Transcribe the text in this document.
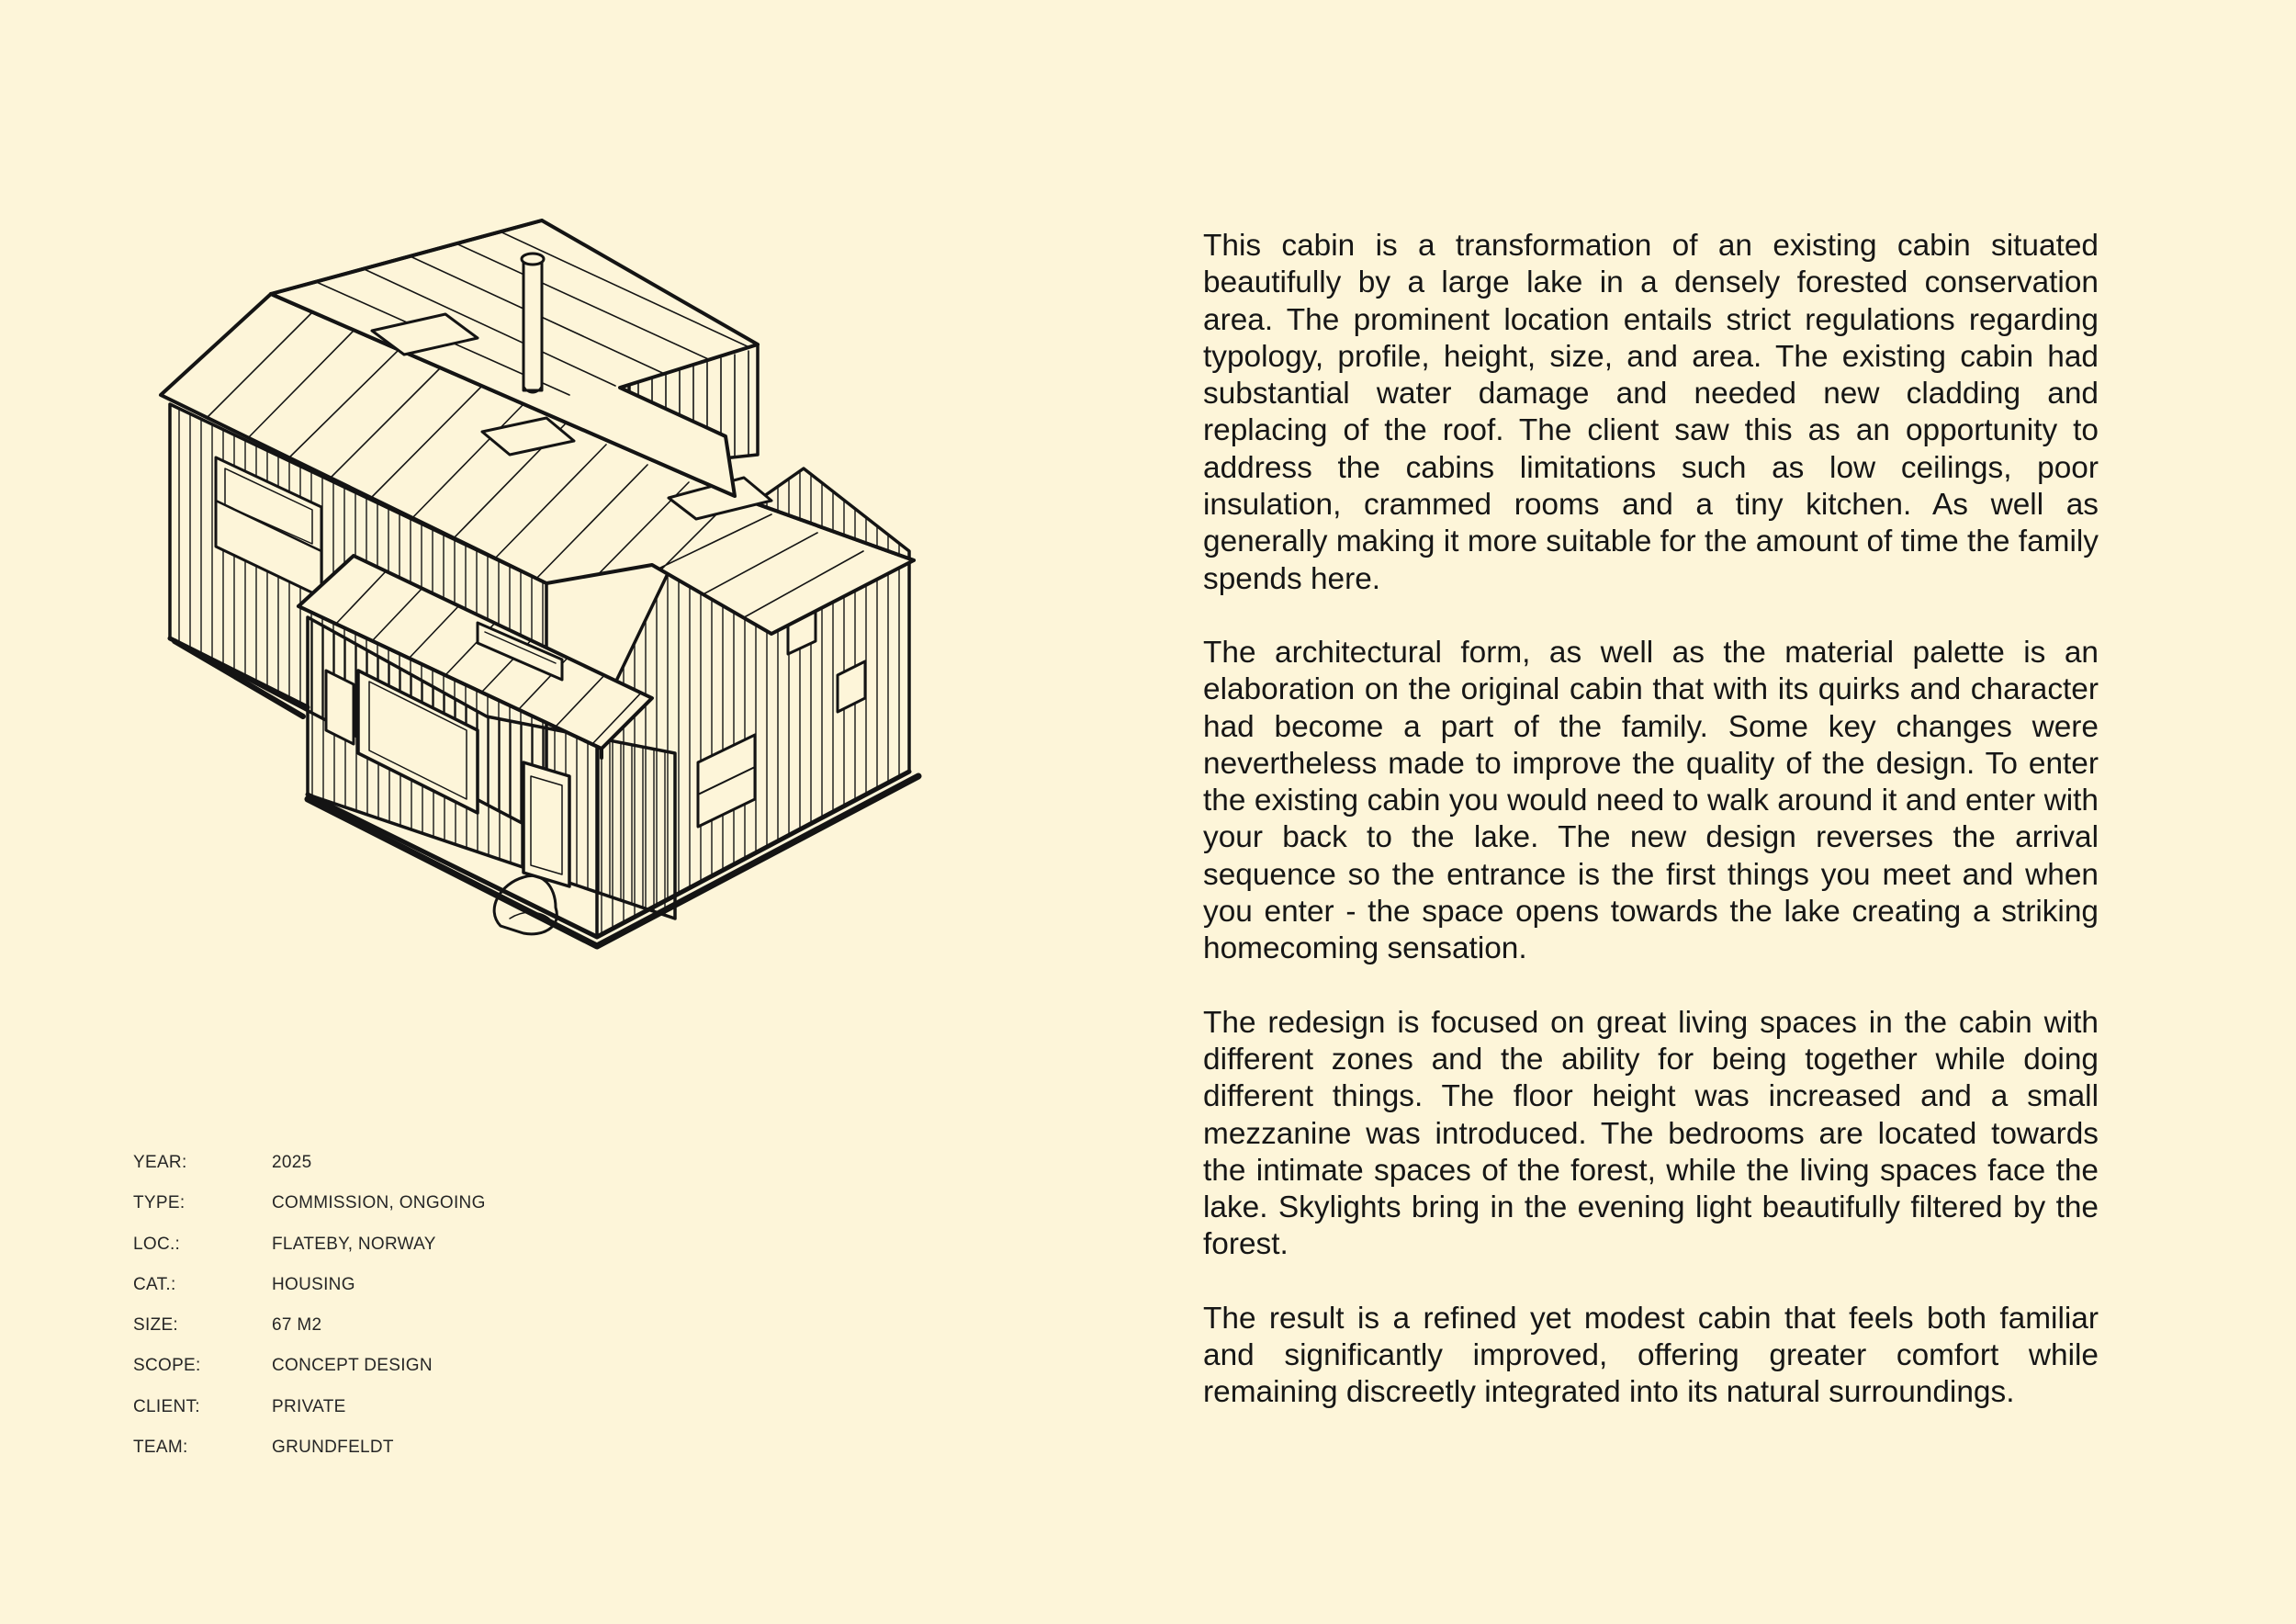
YEAR:	2025
TYPE:	COMMISSION, ONGOING
LOC.:	FLATEBY, NORWAY
CAT.:	HOUSING
SIZE:	67 M2
SCOPE:	CONCEPT DESIGN
CLIENT:	PRIVATE
TEAM:	GRUNDFELDT

This cabin is a transformation of an existing cabin situated beautifully by a large lake in a densely forested conservation area. The prominent location entails strict regulations regarding typology, profile, height, size, and area. The existing cabin had substantial water damage and needed new cladding and replacing of the roof. The client saw this as an opportunity to address the cabins limitations such as low ceilings, poor insulation, crammed rooms and a tiny kitchen. As well as generally making it more suitable for the amount of time the family spends here.

The architectural form, as well as the material palette is an elaboration on the original cabin that with its quirks and character had become a part of the family. Some key changes were nevertheless made to improve the quality of the design. To enter the existing cabin you would need to walk around it and enter with your back to the lake. The new design reverses the arrival sequence so the entrance is the first things you meet and when you enter - the space opens towards the lake creating a striking homecoming sensation.

The redesign is focused on great living spaces in the cabin with different zones and the ability for being together while doing different things. The floor height was increased and a small mezzanine was introduced. The bedrooms are located towards the intimate spaces of the forest, while the living spaces face the lake. Skylights bring in the evening light beautifully filtered by the forest.

The result is a refined yet modest cabin that feels both familiar and significantly improved, offering greater comfort while remaining discreetly integrated into its natural surroundings.
